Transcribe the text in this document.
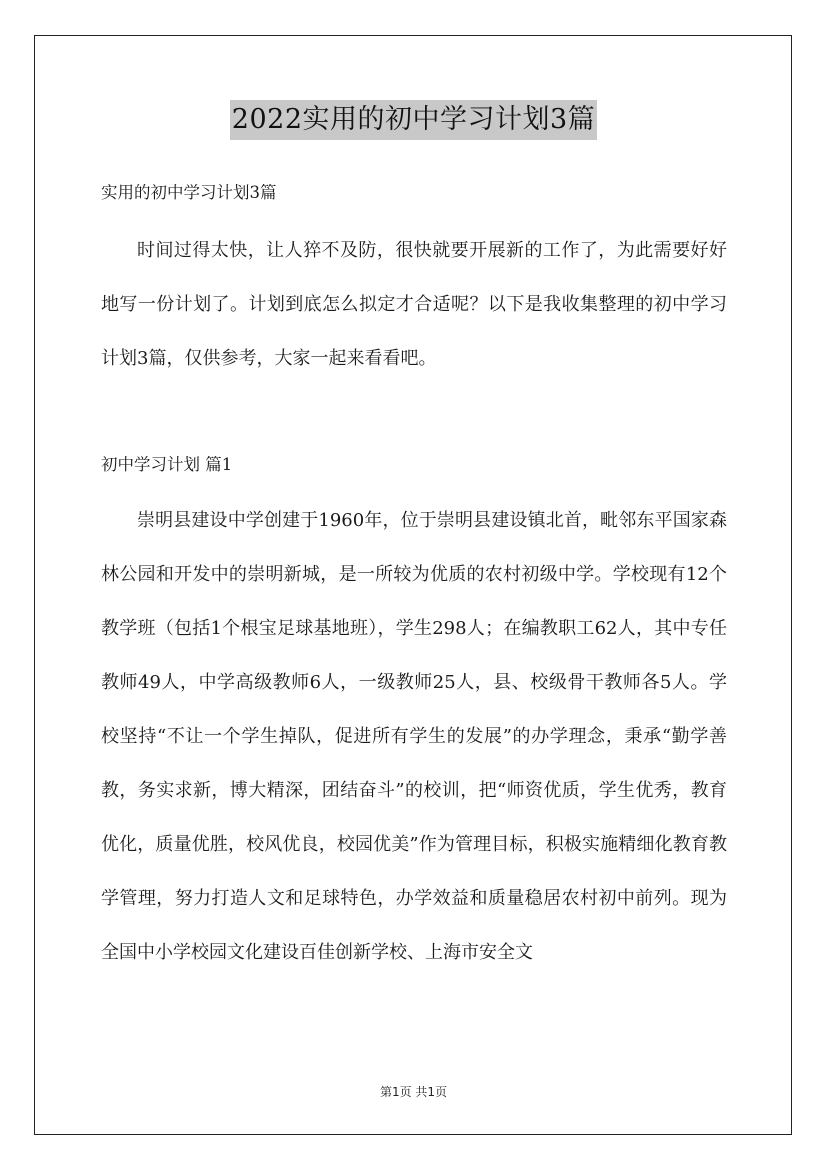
2022实用的初中学习计划3篇

实用的初中学习计划3篇

时间过得太快，让人猝不及防，很快就要开展新的工作了，为此需要好好地写一份计划了。计划到底怎么拟定才合适呢？以下是我收集整理的初中学习计划3篇，仅供参考，大家一起来看看吧。

初中学习计划 篇1

崇明县建设中学创建于1960年，位于崇明县建设镇北首，毗邻东平国家森林公园和开发中的崇明新城，是一所较为优质的农村初级中学。学校现有12个教学班（包括1个根宝足球基地班），学生298人；在编教职工62人，其中专任教师49人，中学高级教师6人，一级教师25人，县、校级骨干教师各5人。学校坚持“不让一个学生掉队，促进所有学生的发展”的办学理念，秉承“勤学善教，务实求新，博大精深，团结奋斗”的校训，把“师资优质，学生优秀，教育优化，质量优胜，校风优良，校园优美”作为管理目标，积极实施精细化教育教学管理，努力打造人文和足球特色，办学效益和质量稳居农村初中前列。现为全国中小学校园文化建设百佳创新学校、上海市安全文

第1页 共1页
